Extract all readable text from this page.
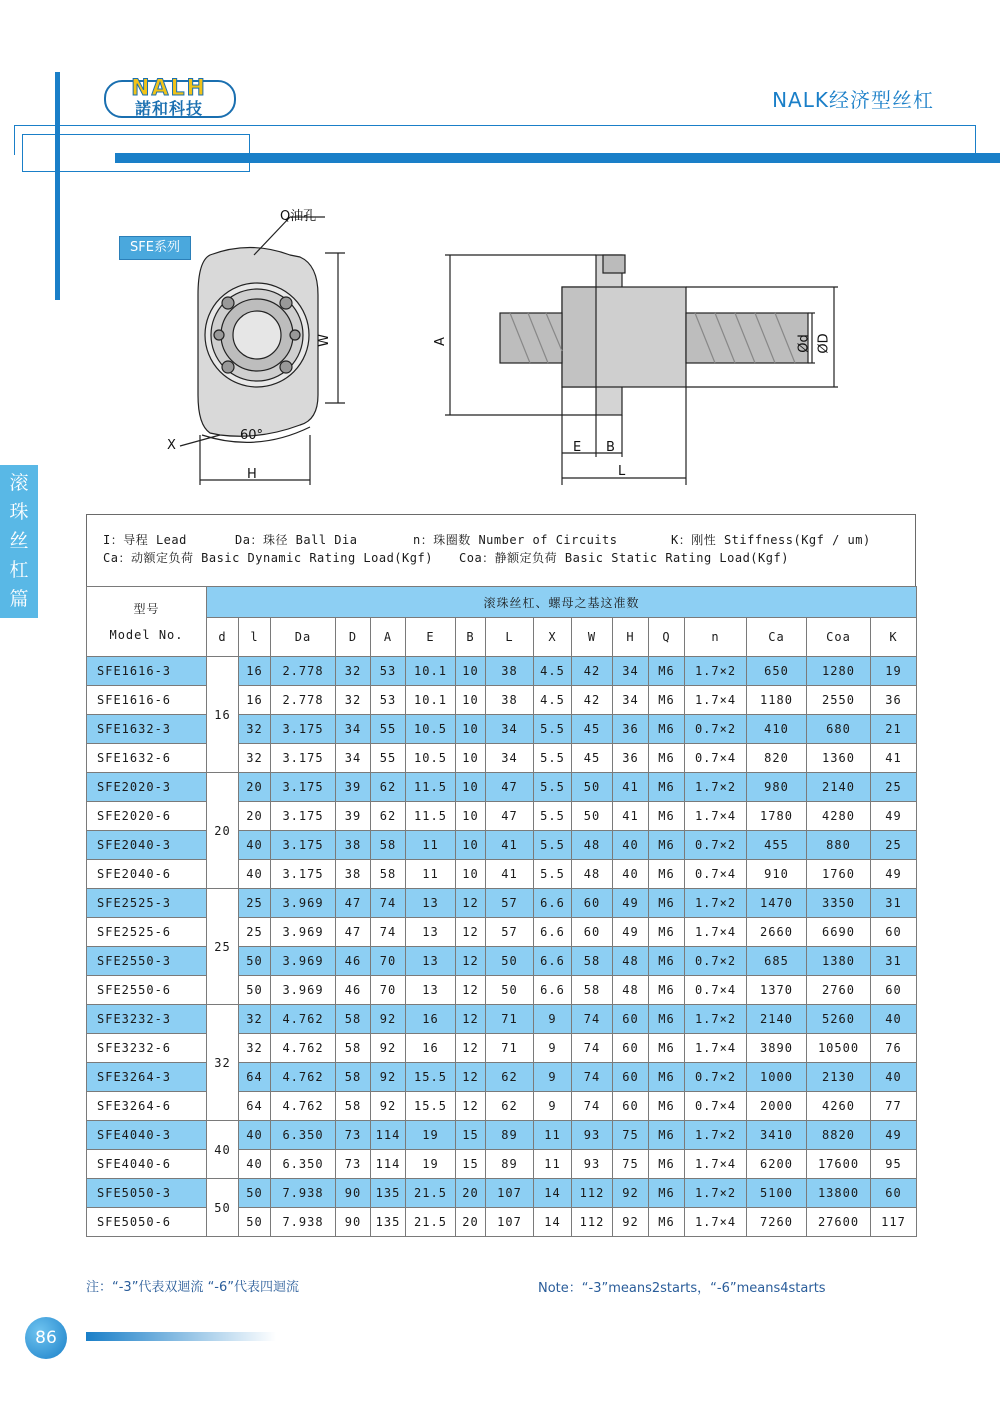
NALH
諾和科技	NALK经济型丝杠
滚珠丝杠篇
SFE系列
Q油孔
W
X
60°
H
A
E B
L
Ød ØD
I：导程 Lead	Da：珠径 Ball Dia	n：珠圈数 Number of Circuits	K：刚性 Stiffness(Kgf / um)
Ca：动额定负荷 Basic Dynamic Rating Load(Kgf) Coa：静额定负荷 Basic Static Rating Load(Kgf)
型号
Model No.	滚珠丝杠、螺母之基这准数															
	d	l	Da	D	A	E	B	L	X	W	H	Q	n	Ca	Coa	K
SFE1616-3	16	16	2.778	32	53	10.1	10	38	4.5	42	34	M6	1.7×2	650	1280	19
SFE1616-6		16	2.778	32	53	10.1	10	38	4.5	42	34	M6	1.7×4	1180	2550	36
SFE1632-3		32	3.175	34	55	10.5	10	34	5.5	45	36	M6	0.7×2	410	680	21
SFE1632-6		32	3.175	34	55	10.5	10	34	5.5	45	36	M6	0.7×4	820	1360	41
SFE2020-3	20	20	3.175	39	62	11.5	10	47	5.5	50	41	M6	1.7×2	980	2140	25
SFE2020-6		20	3.175	39	62	11.5	10	47	5.5	50	41	M6	1.7×4	1780	4280	49
SFE2040-3		40	3.175	38	58	11	10	41	5.5	48	40	M6	0.7×2	455	880	25
SFE2040-6		40	3.175	38	58	11	10	41	5.5	48	40	M6	0.7×4	910	1760	49
SFE2525-3	25	25	3.969	47	74	13	12	57	6.6	60	49	M6	1.7×2	1470	3350	31
SFE2525-6		25	3.969	47	74	13	12	57	6.6	60	49	M6	1.7×4	2660	6690	60
SFE2550-3		50	3.969	46	70	13	12	50	6.6	58	48	M6	0.7×2	685	1380	31
SFE2550-6		50	3.969	46	70	13	12	50	6.6	58	48	M6	0.7×4	1370	2760	60
SFE3232-3	32	32	4.762	58	92	16	12	71	9	74	60	M6	1.7×2	2140	5260	40
SFE3232-6		32	4.762	58	92	16	12	71	9	74	60	M6	1.7×4	3890	10500	76
SFE3264-3		64	4.762	58	92	15.5	12	62	9	74	60	M6	0.7×2	1000	2130	40
SFE3264-6		64	4.762	58	92	15.5	12	62	9	74	60	M6	0.7×4	2000	4260	77
SFE4040-3	40	40	6.350	73	114	19	15	89	11	93	75	M6	1.7×2	3410	8820	49
SFE4040-6		40	6.350	73	114	19	15	89	11	93	75	M6	1.7×4	6200	17600	95
SFE5050-3	50	50	7.938	90	135	21.5	20	107	14	112	92	M6	1.7×2	5100	13800	60
SFE5050-6		50	7.938	90	135	21.5	20	107	14	112	92	M6	1.7×4	7260	27600	117
注：“-3”代表双迴流 “-6”代表四迴流	Note：“-3”means2starts，“-6”means4starts
86
